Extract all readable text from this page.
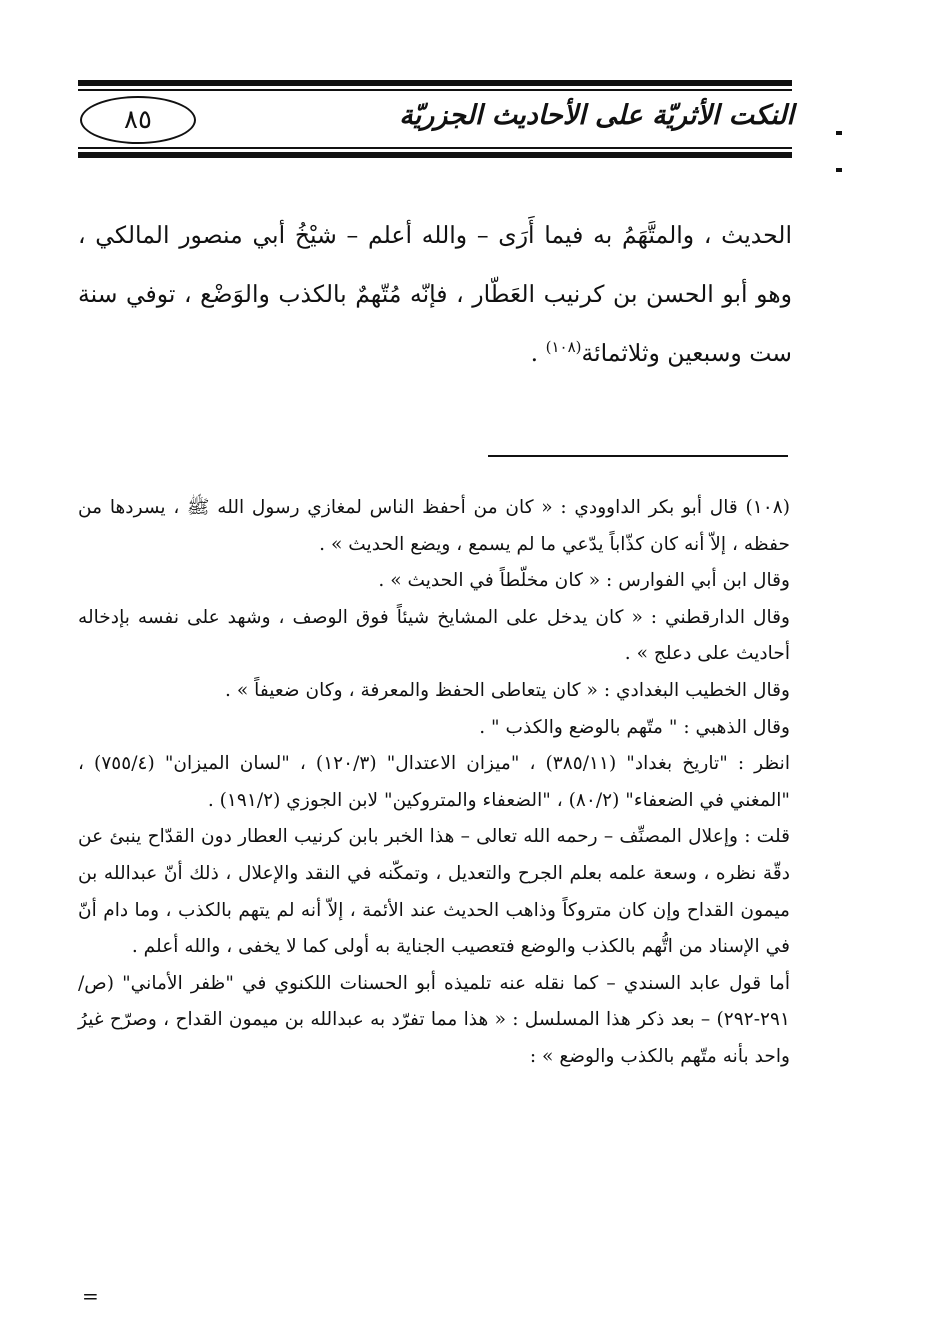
٨٥	النكت الأثريّة على الأحاديث الجزريّة

الحديث ، والمتَّهَمُ به فيما أَرَى – والله أعلم – شيْخُ أبي منصور المالكي ، وهو أبو الحسن بن كرنيب العَطّار ، فإنّه مُتّهمٌ بالكذب والوَضْع ، توفي سنة ست وسبعين وثلاثمائة$^{(١٠٨)}$ .

(١٠٨) قال أبو بكر الداوودي : « كان من أحفظ الناس لمغازي رسول الله ﷺ ، يسردها من حفظه ، إلاّ أنه كان كذّاباً يدّعي ما لم يسمع ، ويضع الحديث » .

وقال ابن أبي الفوارس : « كان مخلّطاً في الحديث » .

وقال الدارقطني : « كان يدخل على المشايخ شيئاً فوق الوصف ، وشهد على نفسه بإدخاله أحاديث على دعلج » .

وقال الخطيب البغدادي : « كان يتعاطى الحفظ والمعرفة ، وكان ضعيفاً » .

وقال الذهبي : " متّهم بالوضع والكذب " .

انظر : "تاريخ بغداد" (٣٨٥/١١) ، "ميزان الاعتدال" (١٢٠/٣) ، "لسان الميزان" (٧٥٥/٤) ، "المغني في الضعفاء" (٨٠/٢) ، "الضعفاء والمتروكين" لابن الجوزي (١٩١/٢) .

قلت : وإعلال المصنِّف – رحمه الله تعالى – هذا الخبر بابن كرنيب العطار دون القدّاح ينبئ عن دقّة نظره ، وسعة علمه بعلم الجرح والتعديل ، وتمكّنه في النقد والإعلال ، ذلك أنّ عبدالله بن ميمون القداح وإن كان متروكاً وذاهب الحديث عند الأئمة ، إلاّ أنه لم يتهم بالكذب ، وما دام أنّ في الإسناد من اتُّهم بالكذب والوضع فتعصيب الجناية به أولى كما لا يخفى ، والله أعلم .

أما قول عابد السندي – كما نقله عنه تلميذه أبو الحسنات اللكنوي في "ظفر الأماني" (ص/٢٩١-٢٩٢) – بعد ذكر هذا المسلسل : « هذا مما تفرّد به عبدالله بن ميمون القداح ، وصرّح غيرُ واحد بأنه متّهم بالكذب والوضع » :

=
